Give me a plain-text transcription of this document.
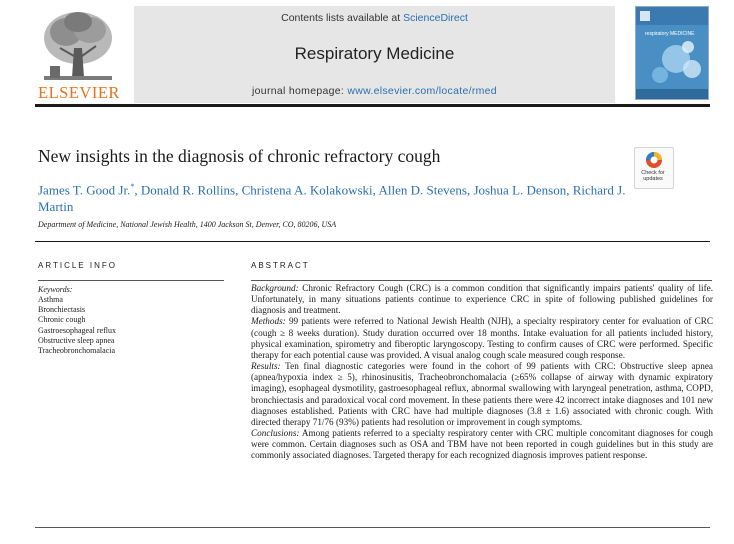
ELSEVIER
Contents lists available at ScienceDirect
Respiratory Medicine
journal homepage: www.elsevier.com/locate/rmed
respiratory MEDICINE
New insights in the diagnosis of chronic refractory cough
Check for
updates
James T. Good Jr.*, Donald R. Rollins, Christena A. Kolakowski, Allen D. Stevens, Joshua L. Denson, Richard J. Martin
Department of Medicine, National Jewish Health, 1400 Jackson St, Denver, CO, 80206, USA
ARTICLE INFO
Keywords:
Asthma
Bronchiectasis
Chronic cough
Gastroesophageal reflux
Obstructive sleep apnea
Tracheobronchomalacia
ABSTRACT

Background: Chronic Refractory Cough (CRC) is a common condition that significantly impairs patients' quality of life. Unfortunately, in many situations patients continue to experience CRC in spite of following published guidelines for diagnosis and treatment.

Methods: 99 patients were referred to National Jewish Health (NJH), a specialty respiratory center for evaluation of CRC (cough ≥ 8 weeks duration). Study duration occurred over 18 months. Intake evaluation for all patients included history, physical examination, spirometry and fiberoptic laryngoscopy. Testing to confirm causes of CRC were performed. Specific therapy for each potential cause was provided. A visual analog cough scale measured cough response.

Results: Ten final diagnostic categories were found in the cohort of 99 patients with CRC: Obstructive sleep apnea (apnea/hypoxia index ≥ 5), rhinosinusitis, Tracheobronchomalacia (≥65% collapse of airway with dynamic expiratory imaging), esophageal dysmotility, gastroesophageal reflux, abnormal swallowing with laryngeal penetration, asthma, COPD, bronchiectasis and paradoxical vocal cord movement. In these patients there were 42 incorrect intake diagnoses and 101 new diagnoses established. Patients with CRC have had multiple diagnoses (3.8 ± 1.6) associated with chronic cough. With directed therapy 71/76 (93%) patients had resolution or improvement in cough symptoms.

Conclusions: Among patients referred to a specialty respiratory center with CRC multiple concomitant diagnoses for cough were common. Certain diagnoses such as OSA and TBM have not been reported in cough guidelines but in this study are commonly associated diagnoses. Targeted therapy for each recognized diagnosis improves patient response.
